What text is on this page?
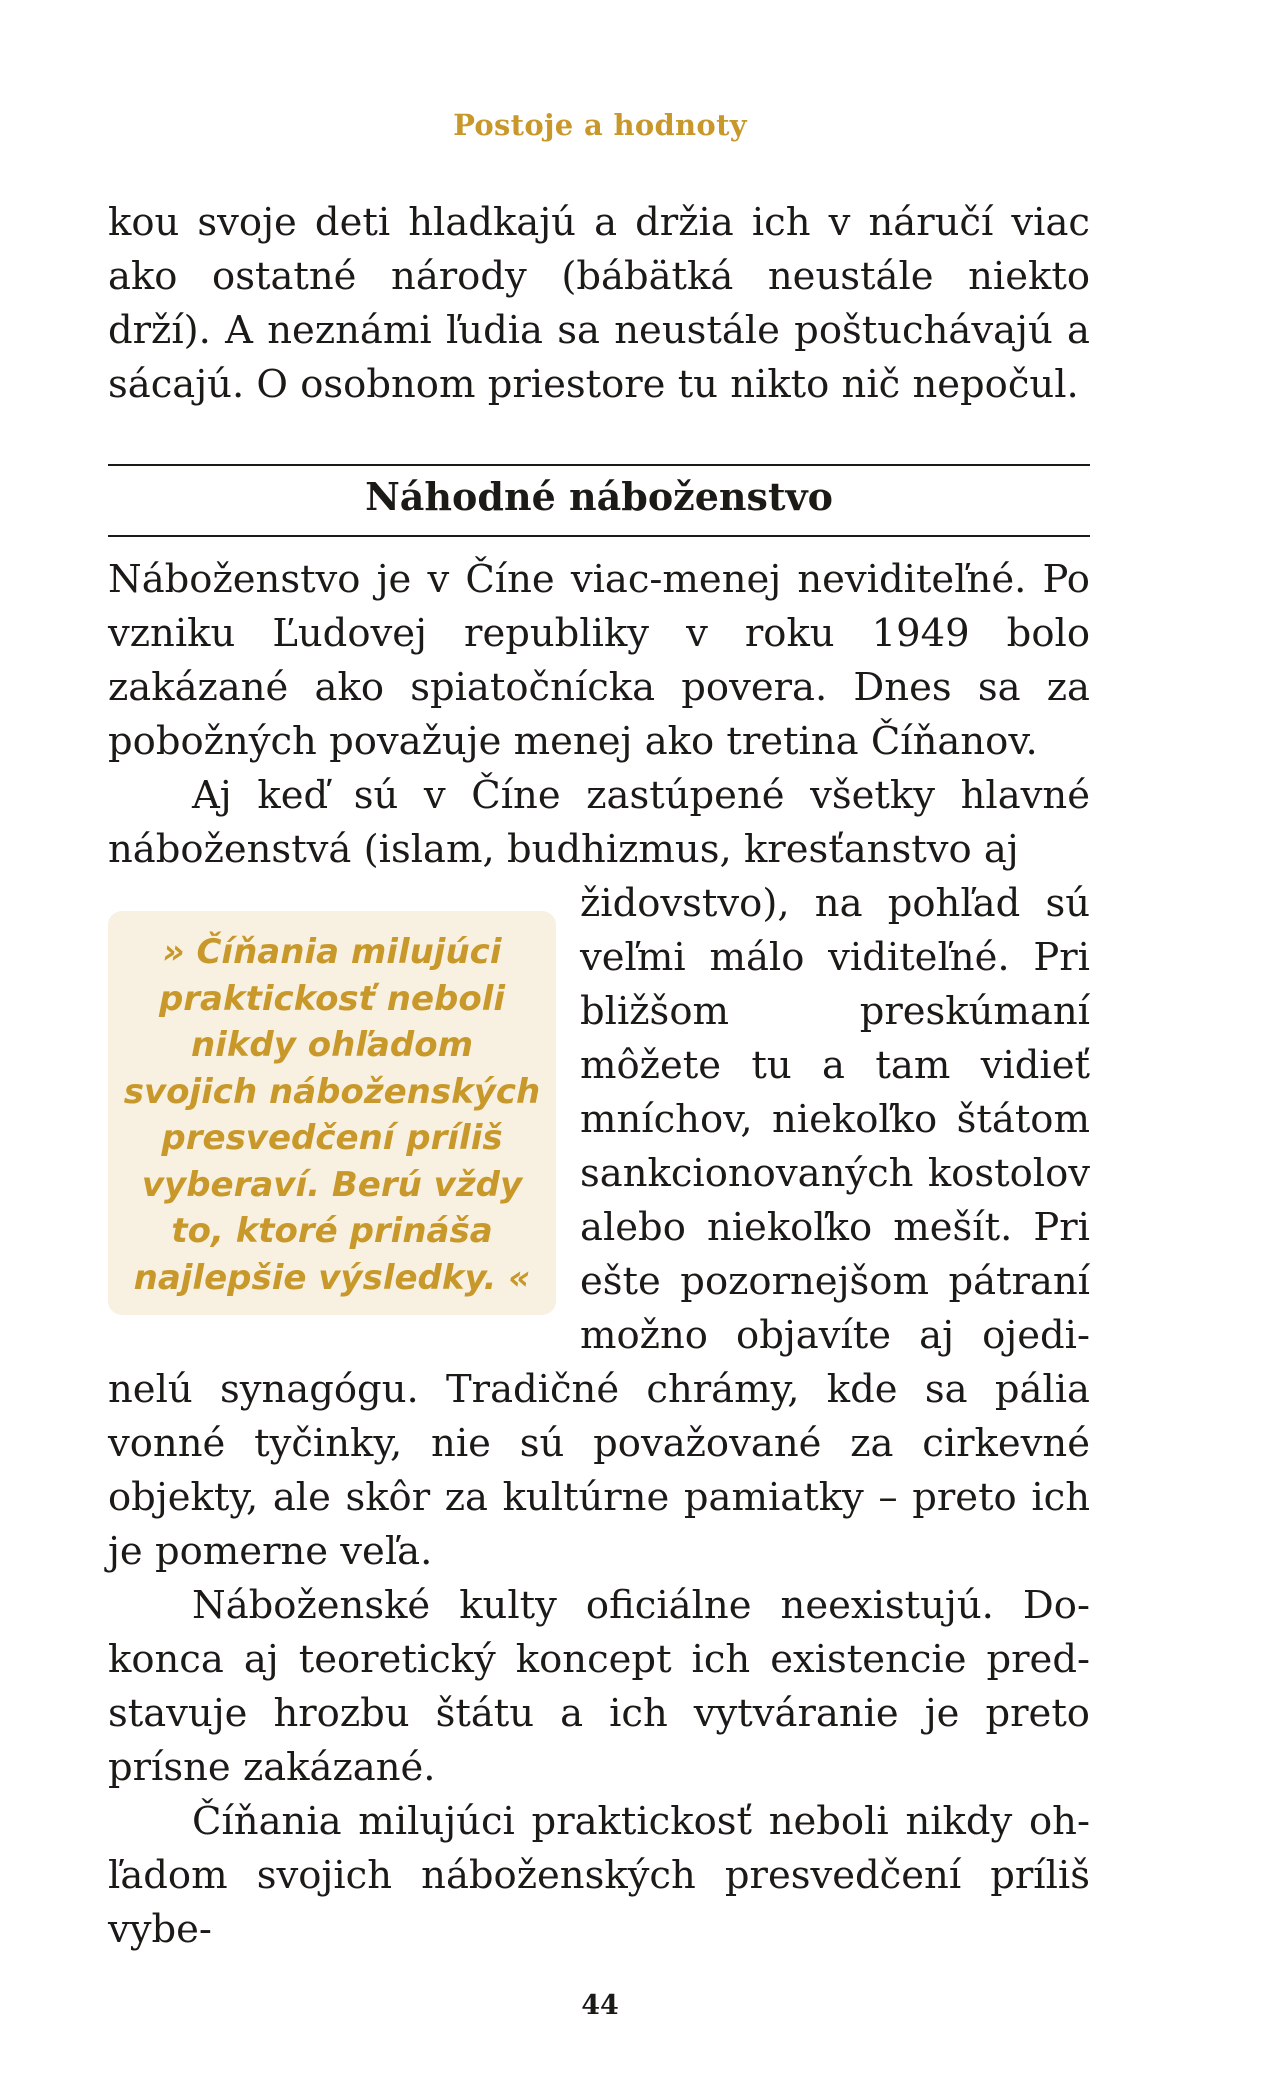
Postoje a hodnoty

kou svoje deti hladkajú a držia ich v náručí viac ako ostatné národy (bábätká neustále niekto drží). A neznámi ľudia sa neustále poštuchávajú a sácajú. O osobnom priestore tu nikto nič nepočul.

Náhodné náboženstvo

Náboženstvo je v Číne viac-menej neviditeľné. Po vzniku Ľudovej republiky v roku 1949 bolo zakázané ako spiatočnícka povera. Dnes sa za pobožných považuje menej ako tretina Číňanov.

Aj keď sú v Číne zastúpené všetky hlavné náboženstvá (islam, budhizmus, kresťanstvo aj

» Číňania milujúci praktickosť neboli nikdy ohľadom svojich náboženských presvedčení príliš vyberaví. Berú vždy to, ktoré prináša najlepšie výsledky. «
židovstvo), na pohľad sú veľmi málo viditeľné. Pri bližšom preskúmaní môžete tu a tam vidieť mníchov, niekoľko štátom sankcionovaných kostolov alebo niekoľko mešít. Pri ešte pozornejšom pátraní možno objavíte aj ojedinelú synagógu. Tradičné chrámy, kde sa pália vonné tyčinky, nie sú považované za cirkevné objekty, ale skôr za kultúrne pamiatky – preto ich je pomerne veľa.

Náboženské kulty oficiálne neexistujú. Dokonca aj teoretický koncept ich existencie predstavuje hrozbu štátu a ich vytváranie je preto prísne zakázané.

Číňania milujúci praktickosť neboli nikdy ohľadom svojich náboženských presvedčení príliš vybe-

44
